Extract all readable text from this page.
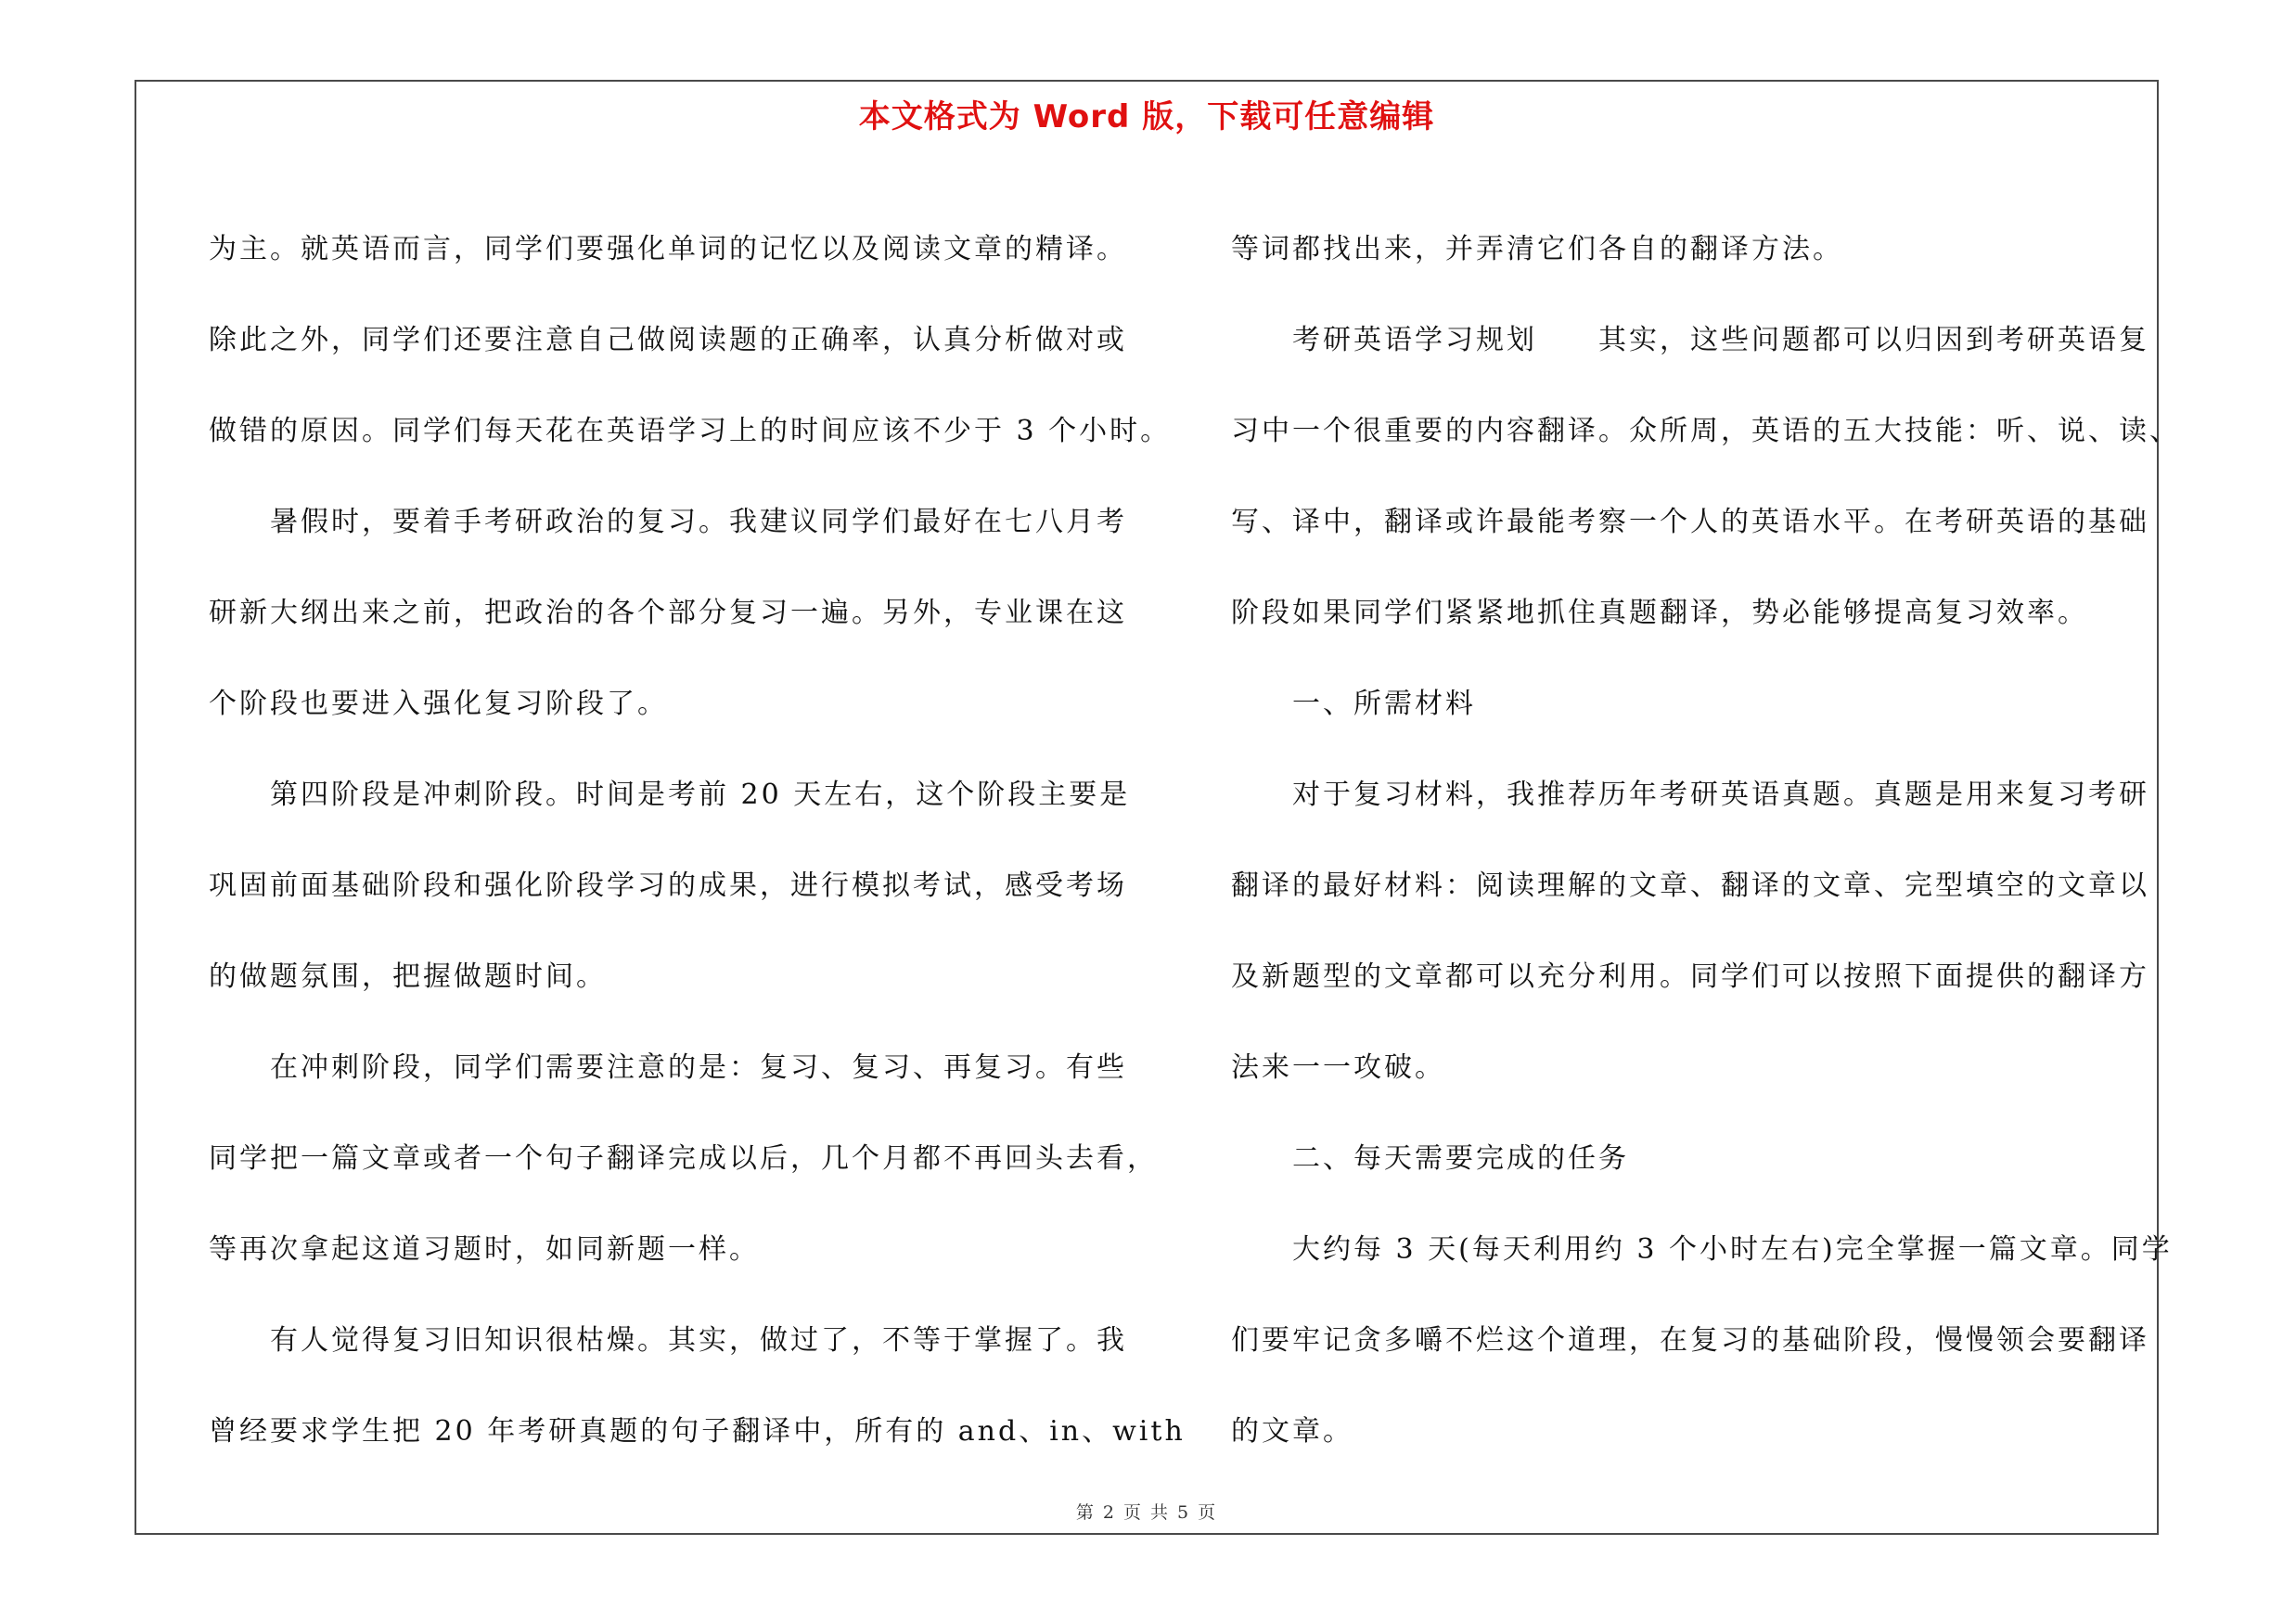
本文格式为 Word 版，下载可任意编辑
为主。就英语而言，同学们要强化单词的记忆以及阅读文章的精译。
除此之外，同学们还要注意自己做阅读题的正确率，认真分析做对或
做错的原因。同学们每天花在英语学习上的时间应该不少于 3 个小时。
暑假时，要着手考研政治的复习。我建议同学们最好在七八月考
研新大纲出来之前，把政治的各个部分复习一遍。另外，专业课在这
个阶段也要进入强化复习阶段了。
第四阶段是冲刺阶段。时间是考前 20 天左右，这个阶段主要是
巩固前面基础阶段和强化阶段学习的成果，进行模拟考试，感受考场
的做题氛围，把握做题时间。
在冲刺阶段，同学们需要注意的是：复习、复习、再复习。有些
同学把一篇文章或者一个句子翻译完成以后，几个月都不再回头去看，
等再次拿起这道习题时，如同新题一样。
有人觉得复习旧知识很枯燥。其实，做过了，不等于掌握了。我
曾经要求学生把 20 年考研真题的句子翻译中，所有的 and、in、with
等词都找出来，并弄清它们各自的翻译方法。
考研英语学习规划　　其实，这些问题都可以归因到考研英语复
习中一个很重要的内容翻译。众所周，英语的五大技能：听、说、读、
写、译中，翻译或许最能考察一个人的英语水平。在考研英语的基础
阶段如果同学们紧紧地抓住真题翻译，势必能够提高复习效率。
一、所需材料
对于复习材料，我推荐历年考研英语真题。真题是用来复习考研
翻译的最好材料：阅读理解的文章、翻译的文章、完型填空的文章以
及新题型的文章都可以充分利用。同学们可以按照下面提供的翻译方
法来一一攻破。
二、每天需要完成的任务
大约每 3 天(每天利用约 3 个小时左右)完全掌握一篇文章。同学
们要牢记贪多嚼不烂这个道理，在复习的基础阶段，慢慢领会要翻译
的文章。
第 2 页 共 5 页
